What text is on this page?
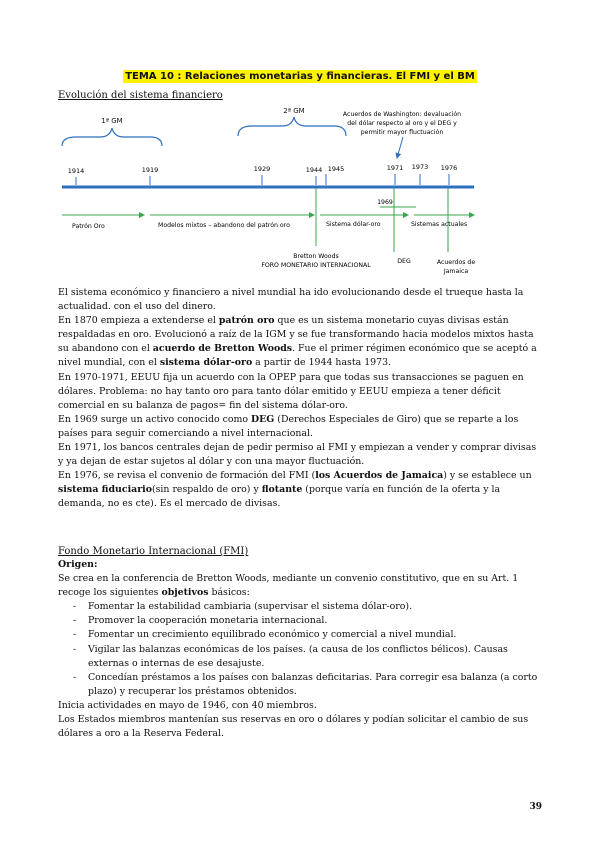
TEMA 10 : Relaciones monetarias y financieras. El FMI y el BM
Evolución del sistema financiero
1ª GM
2ª GM
1914	1919	1929	1944 1945	1971 1973 1976
Acuerdos de Washington: devaluación
del dólar respecto al oro y el DEG y
permitir mayor fluctuación
Patrón Oro	Modelos mixtos – abandono del patrón oro	Sistema dólar-oro	Sistemas actuales
1969
Bretton Woods
FORO MONETARIO INTERNACIONAL
DEG	Acuerdos de
Jamaica

El sistema económico y financiero a nivel mundial ha ido evolucionando desde el trueque hasta la actualidad. con el uso del dinero.

En 1870 empieza a extenderse el patrón oro que es un sistema monetario cuyas divisas están respaldadas en oro. Evolucionó a raíz de la IGM y se fue transformando hacia modelos mixtos hasta su abandono con el acuerdo de Bretton Woods. Fue el primer régimen económico que se aceptó a nivel mundial, con el sistema dólar-oro a partir de 1944 hasta 1973.

En 1970-1971, EEUU fija un acuerdo con la OPEP para que todas sus transacciones se paguen en dólares. Problema: no hay tanto oro para tanto dólar emitido y EEUU empieza a tener déficit comercial en su balanza de pagos= fin del sistema dólar-oro.

En 1969 surge un activo conocido como DEG (Derechos Especiales de Giro) que se reparte a los países para seguir comerciando a nivel internacional.

En 1971, los bancos centrales dejan de pedir permiso al FMI y empiezan a vender y comprar divisas y ya dejan de estar sujetos al dólar y con una mayor fluctuación.

En 1976, se revisa el convenio de formación del FMI (los Acuerdos de Jamaica) y se establece un sistema fiduciario(sin respaldo de oro) y flotante (porque varía en función de la oferta y la demanda, no es cte). Es el mercado de divisas.

Fondo Monetario Internacional (FMI)

Origen:

Se crea en la conferencia de Bretton Woods, mediante un convenio constitutivo, que en su Art. 1 recoge los siguientes objetivos básicos:

- Fomentar la estabilidad cambiaria (supervisar el sistema dólar-oro).
- Promover la cooperación monetaria internacional.
- Fomentar un crecimiento equilibrado económico y comercial a nivel mundial.
- Vigilar las balanzas económicas de los países. (a causa de los conflictos bélicos). Causas externas o internas de ese desajuste.
- Concedían préstamos a los países con balanzas deficitarias. Para corregir esa balanza (a corto plazo) y recuperar los préstamos obtenidos.

Inicia actividades en mayo de 1946, con 40 miembros.

Los Estados miembros mantenían sus reservas en oro o dólares y podían solicitar el cambio de sus dólares a oro a la Reserva Federal.

39
